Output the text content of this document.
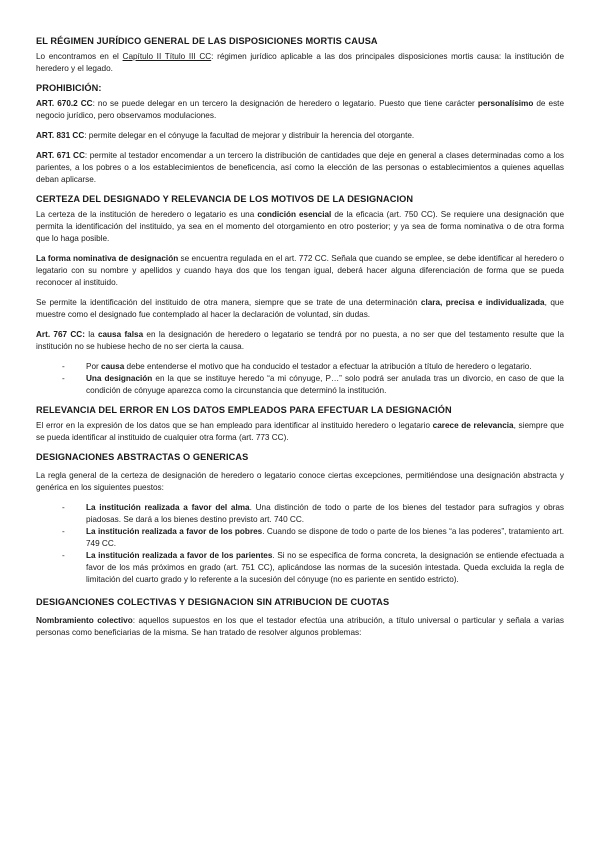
EL RÉGIMEN JURÍDICO GENERAL DE LAS DISPOSICIONES MORTIS CAUSA

Lo encontramos en el Capítulo II Título III CC: régimen jurídico aplicable a las dos principales disposiciones mortis causa: la institución de heredero y el legado.

PROHIBICIÓN:

ART. 670.2 CC: no se puede delegar en un tercero la designación de heredero o legatario. Puesto que tiene carácter personalísimo de este negocio jurídico, pero observamos modulaciones.

ART. 831 CC: permite delegar en el cónyuge la facultad de mejorar y distribuir la herencia del otorgante.

ART. 671 CC: permite al testador encomendar a un tercero la distribución de cantidades que deje en general a clases determinadas como a los parientes, a los pobres o a los establecimientos de beneficencia, así como la elección de las personas o establecimientos a quienes aquellas deban aplicarse.

CERTEZA DEL DESIGNADO Y RELEVANCIA DE LOS MOTIVOS DE LA DESIGNACION

La certeza de la institución de heredero o legatario es una condición esencial de la eficacia (art. 750 CC). Se requiere una designación que permita la identificación del instituido, ya sea en el momento del otorgamiento en otro posterior; y ya sea de forma nominativa o de otra forma que lo haga posible.

La forma nominativa de designación se encuentra regulada en el art. 772 CC. Señala que cuando se emplee, se debe identificar al heredero o legatario con su nombre y apellidos y cuando haya dos que los tengan igual, deberá hacer alguna diferenciación de forma que se pueda reconocer al instituido.

Se permite la identificación del instituido de otra manera, siempre que se trate de una determinación clara, precisa e individualizada, que muestre como el designado fue contemplado al hacer la declaración de voluntad, sin dudas.

Art. 767 CC: la causa falsa en la designación de heredero o legatario se tendrá por no puesta, a no ser que del testamento resulte que la institución no se hubiese hecho de no ser cierta la causa.

- Por causa debe entenderse el motivo que ha conducido el testador a efectuar la atribución a título de heredero o legatario.
- Una designación en la que se instituye heredo “a mi cónyuge, P…” solo podrá ser anulada tras un divorcio, en caso de que la condición de cónyuge aparezca como la circunstancia que determinó la institución.
RELEVANCIA DEL ERROR EN LOS DATOS EMPLEADOS PARA EFECTUAR LA DESIGNACIÓN

El error en la expresión de los datos que se han empleado para identificar al instituido heredero o legatario carece de relevancia, siempre que se pueda identificar al instituido de cualquier otra forma (art. 773 CC).

DESIGNACIONES ABSTRACTAS O GENERICAS

La regla general de la certeza de designación de heredero o legatario conoce ciertas excepciones, permitiéndose una designación abstracta y genérica en los siguientes puestos:

- La institución realizada a favor del alma. Una distinción de todo o parte de los bienes del testador para sufragios y obras piadosas. Se dará a los bienes destino previsto art. 740 CC.
- La institución realizada a favor de los pobres. Cuando se dispone de todo o parte de los bienes “a las poderes”, tratamiento art. 749 CC.
- La institución realizada a favor de los parientes. Si no se especifica de forma concreta, la designación se entiende efectuada a favor de los más próximos en grado (art. 751 CC), aplicándose las normas de la sucesión intestada. Queda excluida la regla de limitación del cuarto grado y lo referente a la sucesión del cónyuge (no es pariente en sentido estricto).
DESIGANCIONES COLECTIVAS Y DESIGNACION SIN ATRIBUCION DE CUOTAS

Nombramiento colectivo: aquellos supuestos en los que el testador efectúa una atribución, a título universal o particular y señala a varias personas como beneficiarias de la misma. Se han tratado de resolver algunos problemas:
